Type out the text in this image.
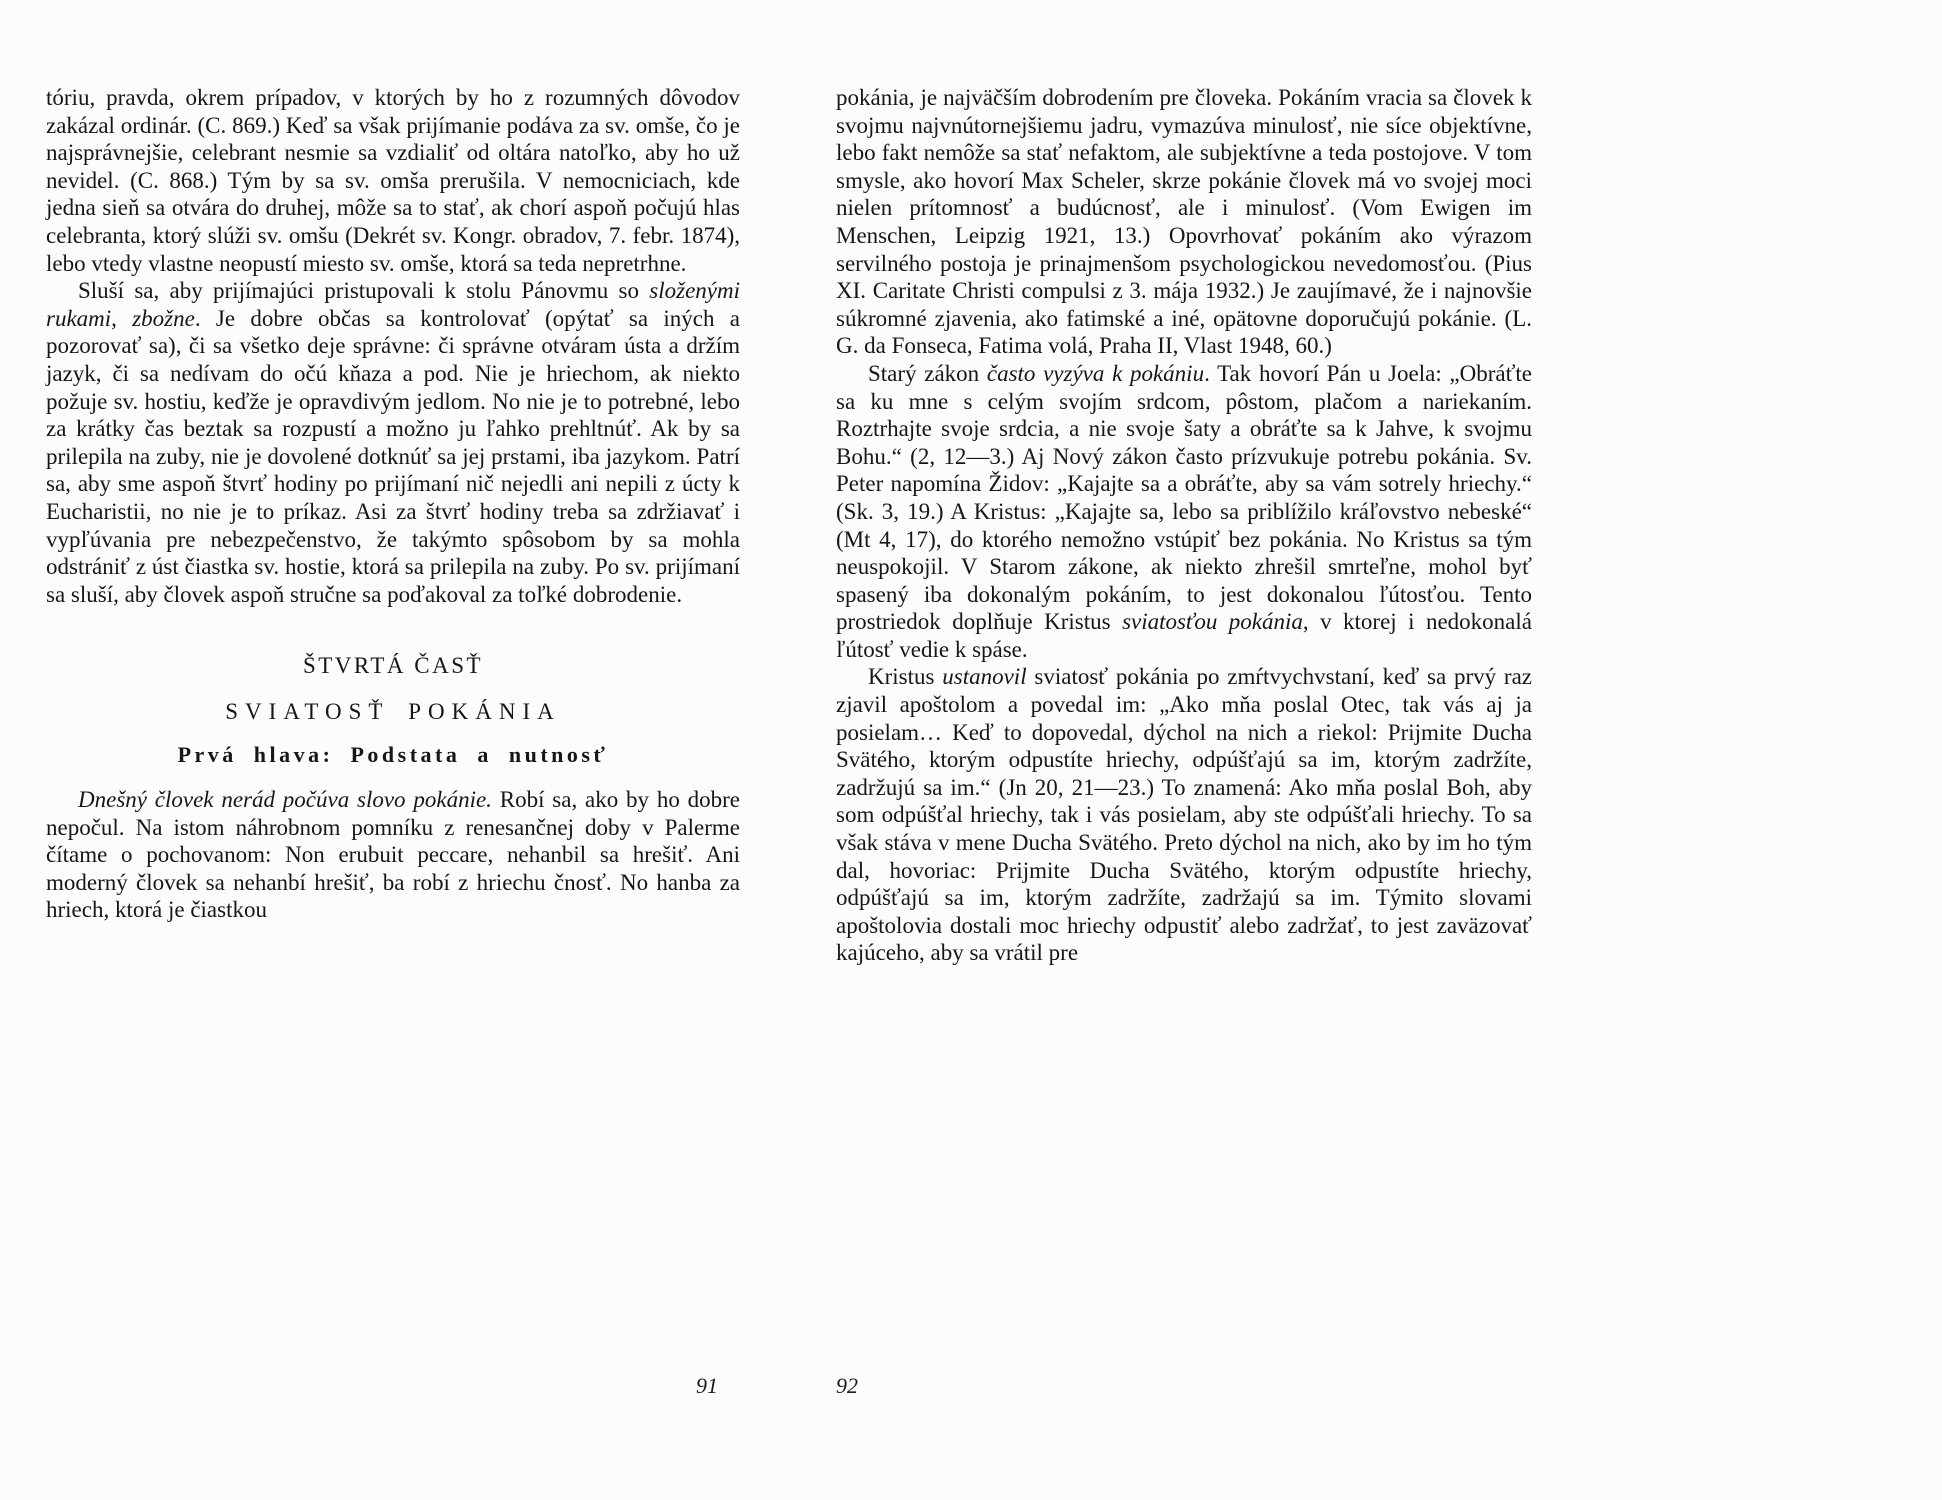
tóriu, pravda, okrem prípadov, v ktorých by ho z rozumných dôvodov zakázal ordinár. (C. 869.) Keď sa však prijímanie podáva za sv. omše, čo je najsprávnejšie, celebrant nesmie sa vzdialiť od oltára natoľko, aby ho už nevidel. (C. 868.) Tým by sa sv. omša prerušila. V nemocniciach, kde jedna sieň sa otvára do druhej, môže sa to stať, ak chorí aspoň počujú hlas celebranta, ktorý slúži sv. omšu (Dekrét sv. Kongr. obradov, 7. febr. 1874), lebo vtedy vlastne neopustí miesto sv. omše, ktorá sa teda nepretrhne.

Sluší sa, aby prijímajúci pristupovali k stolu Pánovmu so složenými rukami, zbožne. Je dobre občas sa kontrolovať (opýtať sa iných a pozorovať sa), či sa všetko deje správne: či správne otváram ústa a držím jazyk, či sa nedívam do očú kňaza a pod. Nie je hriechom, ak niekto požuje sv. hostiu, keďže je opravdivým jedlom. No nie je to potrebné, lebo za krátky čas beztak sa rozpustí a možno ju ľahko prehltnúť. Ak by sa prilepila na zuby, nie je dovolené dotknúť sa jej prstami, iba jazykom. Patrí sa, aby sme aspoň štvrť hodiny po prijímaní nič nejedli ani nepili z úcty k Eucharistii, no nie je to príkaz. Asi za štvrť hodiny treba sa zdržiavať i vypľúvania pre nebezpečenstvo, že takýmto spôsobom by sa mohla odstrániť z úst čiastka sv. hostie, ktorá sa prilepila na zuby. Po sv. prijímaní sa sluší, aby človek aspoň stručne sa poďakoval za toľké dobrodenie.

ŠTVRTÁ ČASŤ
SVIATOSŤ POKÁNIA
Prvá hlava: Podstata a nutnosť

Dnešný človek nerád počúva slovo pokánie. Robí sa, ako by ho dobre nepočul. Na istom náhrobnom pomníku z renesančnej doby v Palerme čítame o pochovanom: Non erubuit peccare, nehanbil sa hrešiť. Ani moderný človek sa nehanbí hrešiť, ba robí z hriechu čnosť. No hanba za hriech, ktorá je čiastkou

pokánia, je najväčším dobrodením pre človeka. Pokáním vracia sa človek k svojmu najvnútornejšiemu jadru, vymazúva minulosť, nie síce objektívne, lebo fakt nemôže sa stať nefaktom, ale subjektívne a teda postojove. V tom smysle, ako hovorí Max Scheler, skrze pokánie človek má vo svojej moci nielen prítomnosť a budúcnosť, ale i minulosť. (Vom Ewigen im Menschen, Leipzig 1921, 13.) Opovrhovať pokáním ako výrazom servilného postoja je prinajmenšom psychologickou nevedomosťou. (Pius XI. Caritate Christi compulsi z 3. mája 1932.) Je zaujímavé, že i najnovšie súkromné zjavenia, ako fatimské a iné, opätovne doporučujú pokánie. (L. G. da Fonseca, Fatima volá, Praha II, Vlast 1948, 60.)

Starý zákon často vyzýva k pokániu. Tak hovorí Pán u Joela: „Obráťte sa ku mne s celým svojím srdcom, pôstom, plačom a nariekaním. Roztrhajte svoje srdcia, a nie svoje šaty a obráťte sa k Jahve, k svojmu Bohu.“ (2, 12—3.) Aj Nový zákon často prízvukuje potrebu pokánia. Sv. Peter napomína Židov: „Kajajte sa a obráťte, aby sa vám sotrely hriechy.“ (Sk. 3, 19.) A Kristus: „Kajajte sa, lebo sa priblížilo kráľovstvo nebeské“ (Mt 4, 17), do ktorého nemožno vstúpiť bez pokánia. No Kristus sa tým neuspokojil. V Starom zákone, ak niekto zhrešil smrteľne, mohol byť spasený iba dokonalým pokáním, to jest dokonalou ľútosťou. Tento prostriedok doplňuje Kristus sviatosťou pokánia, v ktorej i nedokonalá ľútosť vedie k spáse.

Kristus ustanovil sviatosť pokánia po zmŕtvychvstaní, keď sa prvý raz zjavil apoštolom a povedal im: „Ako mňa poslal Otec, tak vás aj ja posielam… Keď to dopovedal, dýchol na nich a riekol: Prijmite Ducha Svätého, ktorým odpustíte hriechy, odpúšťajú sa im, ktorým zadržíte, zadržujú sa im.“ (Jn 20, 21—23.) To znamená: Ako mňa poslal Boh, aby som odpúšťal hriechy, tak i vás posielam, aby ste odpúšťali hriechy. To sa však stáva v mene Ducha Svätého. Preto dýchol na nich, ako by im ho tým dal, hovoriac: Prijmite Ducha Svätého, ktorým odpustíte hriechy, odpúšťajú sa im, ktorým zadržíte, zadržajú sa im. Týmito slovami apoštolovia dostali moc hriechy odpustiť alebo zadržať, to jest zaväzovať kajúceho, aby sa vrátil pre

91	92
